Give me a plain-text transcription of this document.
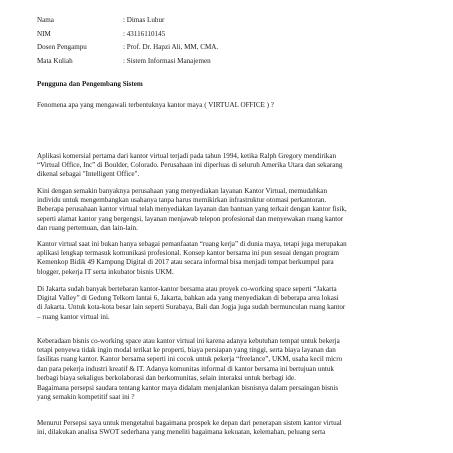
Nama	: Dimas Luhur
NIM	: 43116110145
Dosen Pengampu	: Prof. Dr. Hapzi Ali, MM, CMA.
Mata Kuliah	: Sistem Informasi Manajemen
Pengguna dan Pengembang Sistem
Fenomena apa yang mengawali terbentuknya kantor maya ( VIRTUAL OFFICE ) ?
Aplikasi komersial pertama dari kantor virtual terjadi pada tahun 1994, ketika Ralph Gregory mendirikan
“Virtual Office, Inc” di Boulder, Colorado. Perusahaan ini diperluas di seluruh Amerika Utara dan sekarang
dikenal sebagai "Intelligent Office".
Kini dengan semakin banyaknya perusahaan yang menyediakan layanan Kantor Virtual, memudahkan
individu untuk mengembangkan usahanya tanpa harus memikirkan infrastruktur otomasi perkantoran.
Beberapa perusahaan kantor virtual telah menyediakan layanan dan bantuan yang terkait dengan kantor fisik,
seperti alamat kantor yang bergengsi, layanan menjawab telepon profesional dan menyewakan ruang kantor
dan ruang pertemuan, dan lain-lain.
Kantor virtual saat ini bukan hanya sebagai pemanfaatan “ruang kerja” di dunia maya, tetapi juga merupakan
aplikasi lengkap termasuk komunikasi profesional. Konsep kantor bersama ini pun sesuai dengan program
Kemenkop Bidik 49 Kampung Digital di 2017 atau secara informal bisa menjadi tempat berkumpul para
blogger, pekerja IT serta inkubator bisnis UKM.
Di Jakarta sudah banyak bertebaran kantor-kantor bersama atau proyek co-working space seperti “Jakarta
Digital Valley” di Gedung Telkom lantai 6, Jakarta, bahkan ada yang menyediakan di beberapa area lokasi
di Jakarta. Untuk kota-kota besar lain seperti Surabaya, Bali dan Jogja juga sudah bermunculan ruang kantor
– ruang kantor virtual ini.
Keberadaan bisnis co-working space atau kantor virtual ini karena adanya kebutuhan tempat untuk bekerja
tetapi penyewa tidak ingin modal terikat ke properti, biaya persiapan yang tinggi, serta biaya layanan dan
fasilitas ruang kantor. Kantor bersama seperti ini cocok untuk pekerja “freelance”, UKM, usaha kecil micro
dan para pekerja industri kreatif & IT. Adanya komunitas informal di kantor bersama ini bertujuan untuk
berbagi biaya sekaligus berkolaborasi dan berkomunitas, selain interaksi untuk berbagi ide.
Bagaimana persepsi saudara tentang kantor maya didalam menjalankan bisnisnya dalam persaingan bisnis
yang semakin kompetitif saat ini ?
Menurut Persepsi saya untuk mengetahui bagaimana prospek ke depan dari penerapan sistem kantor virtual
ini, dilakukan analisa SWOT sederhana yang meneliti bagaimana kekuatan, kelemahan, peluang serta
